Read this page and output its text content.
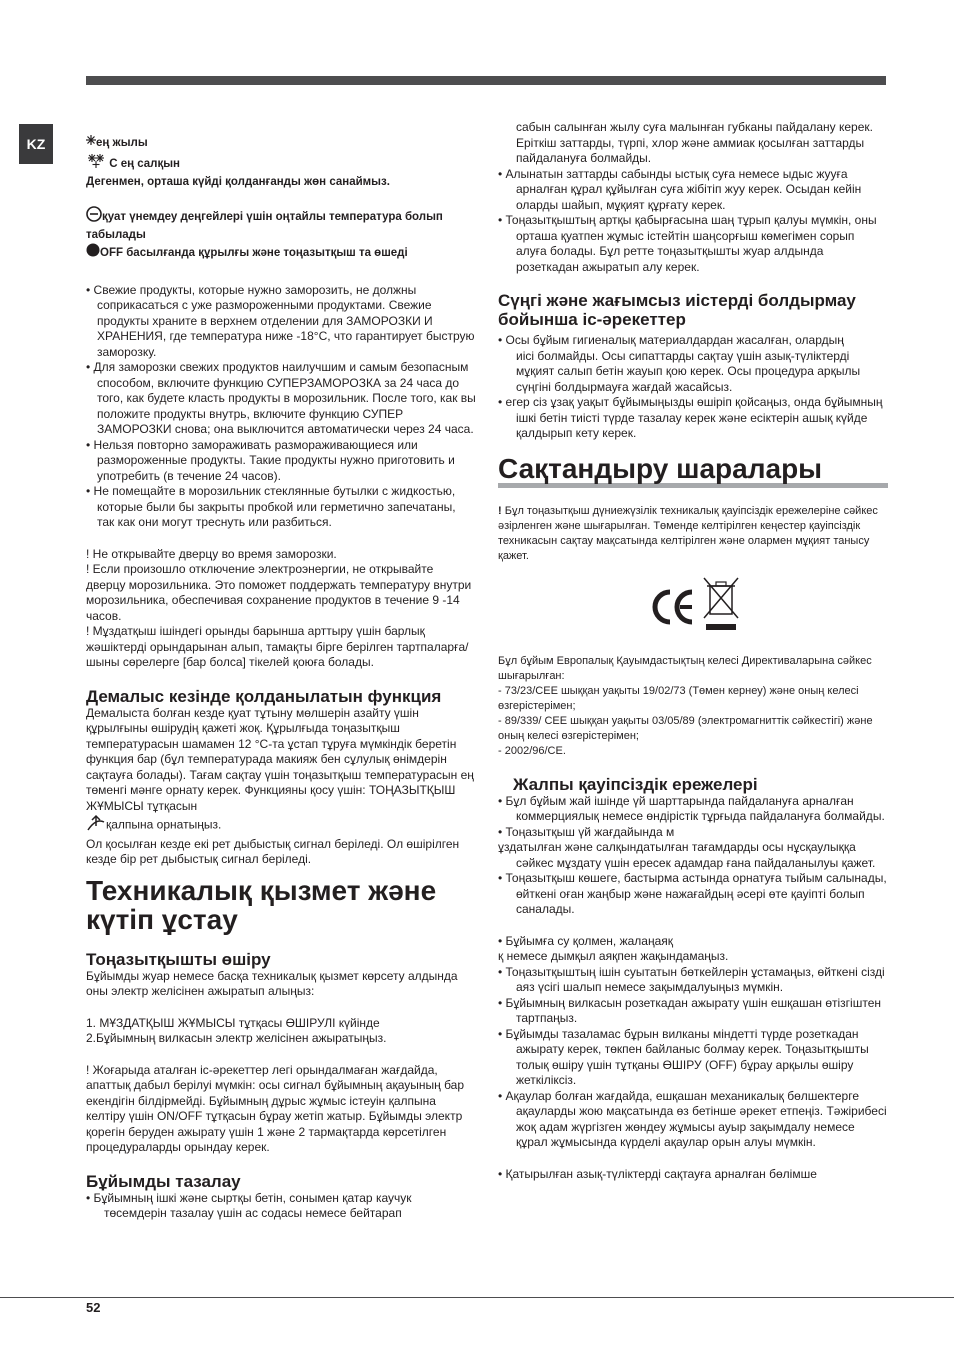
KZ	ең жылы

С ең салқын

Дегенмен, орташа күйді қолданғанды жөн санаймыз.

қуат үнемдеу деңгейлері үшін оңтайлы температура болып табылады

OFF басылғанда құрылғы және тоңазытқыш та өшеді

• Свежие продукты, которые нужно заморозить, не должны соприкасаться с уже размороженными продуктами. Свежие продукты храните в верхнем отделении для ЗАМОРОЗКИ И ХРАНЕНИЯ, где температура ниже -18°C, что гарантирует быструю заморозку.

• Для заморозки свежих продуктов наилучшим и самым безопасным способом, включите функцию СУПЕРЗАМОРОЗКА за 24 часа до того, как будете класть продукты в морозильник. После того, как вы положите продукты внутрь, включите функцию СУПЕР ЗАМОРОЗКИ снова; она выключится автоматически через 24 часа.

• Нельзя повторно замораживать размораживающиеся или размороженные продукты. Такие продукты нужно приготовить и употребить (в течение 24 часов).

• Не помещайте в морозильник стеклянные бутылки с жидкостью, которые были бы закрыты пробкой или герметично запечатаны, так как они могут треснуть или разбиться.

! Не открывайте дверцу во время заморозки.

! Если произошло отключение электроэнергии, не открывайте дверцу морозильника. Это поможет поддержать температуру внутри морозильника, обеспечивая сохранение продуктов в течение 9 -14 часов.

! Мұздатқыш ішіндегі орынды барынша арттыру үшін барлық жәшіктерді орындарынан алып, тамақты бірге берілген тартпаларға/шыны сөрелерге [бар болса] тікелей қоюға болады.

Демалыс кезінде қолданылатын функция

Демалыста болған кезде қуат тұтыну мөлшерін азайту үшін құрылғыны өшірудің қажеті жоқ. Құрылғыда тоңазытқыш температурасын шамамен 12 °С-та ұстап тұруға мүмкіндік беретін функция бар (бұл температурада макияж бен сұлулық өнімдерін сақтауға болады). Тағам сақтау үшін тоңазытқыш температурасын ең төменгі мәнге орнату керек. Функцияны қосу үшін: ТОҢАЗЫТҚЫШ ЖҰМЫСЫ тұтқасын

қалпына орнатыңыз.

Ол қосылған кезде екі рет дыбыстық сигнал беріледі. Ол өшірілген кезде бір рет дыбыстық сигнал беріледі.

Техникалық қызмет және күтіп ұстау

Тоңазытқышты өшіру

Бұйымды жуар немесе басқа техникалық қызмет көрсету алдында оны электр желісінен ажыратып алыңыз:

1. МҰЗДАТҚЫШ ЖҰМЫСЫ тұтқасы ӨШІРУЛІ күйінде

2.Бұйымның вилкасын электр желісінен ажыратыңыз.

! Жоғарыда аталған іс-әрекеттер легі орындалмаған жағдайда, апаттық дабыл берілуі мүмкін: осы сигнал бұйымның ақауының бар екендігін білдірмейді. Бұйымның дұрыс жұмыс істеуін қалпына келтіру үшін ON/OFF тұтқасын бұрау жетіп жатыр. Бұйымды электр қорегін беруден ажырату үшін 1 және 2 тармақтарда көрсетілген процедураларды орындау керек.

Бұйымды тазалау

• Бұйымның ішкі және сыртқы бетін, сонымен қатар каучук төсемдерін тазалау үшін ас содасы немесе бейтарап

сабын салынған жылу суға малынған губканы пайдалану керек. Еріткіш заттарды, түрпі, хлор және аммиак қосылған заттарды пайдалануға болмайды.

• Алынатын заттарды сабынды ыстық суға немесе ыдыс жууға арналған құрал құйылған суға жібітіп жуу керек. Осыдан кейін оларды шайып, мұқият құрғату керек.

• Тоңазытқыштың артқы қабырғасына шаң тұрып қалуы мүмкін, оны орташа қуатпен жұмыс істейтін шаңсорғыш көмегімен сорып алуға болады. Бұл ретте тоңазытқышты жуар алдында розеткадан ажыратып алу керек.

Сүңгі және жағымсыз иістерді болдырмау бойынша іс-әрекеттер

• Осы бұйым гигиеналық материалдардан жасалған, олардың

иісі болмайды. Осы сипаттарды сақтау үшін азық-түліктерді

мұқият салып бетін жауып қою керек. Осы процедура арқылы сүңгіні болдырмауға жағдай жасайсыз.

• егер сіз ұзақ уақыт бұйымыңызды өшіріп қойсаңыз, онда бұйымның ішкі бетін тиісті түрде тазалау керек және есіктерін ашық күйде қалдырып кету керек.

Сақтандыру шаралары

! Бұл тоңазытқыш дүниежүзілік техникалық қауіпсіздік ережелеріне сәйкес әзірленген және шығарылған. Төменде келтірілген кеңестер қауіпсіздік техникасын сақтау мақсатында келтірілген және олармен мұқият танысу қажет.

Бұл бұйым Европалық Қауымдастықтың келесі Директиваларына сәйкес шығарылған:

- 73/23/CEE шыққан уақыты 19/02/73 (Төмен кернеу) және оның келесі өзгерістерімен;

- 89/339/ CEE шыққан уақыты 03/05/89 (электромагниттік сәйкестігі) және оның келесі өзгерістерімен;

- 2002/96/CE.

Жалпы қауіпсіздік ережелері

• Бұл бұйым жай ішінде үй шарттарында пайдалануға арналған коммерциялық немесе өндірістік тұрғыда пайдалануға болмайды.

• Тоңазытқыш үй жағдайында м

ұздатылған және салқындатылған тағамдарды осы нұсқаулыққа сәйкес мұздату үшін ересек адамдар ғана пайдаланылуы қажет.

• Тоңазытқыш көшеге, бастырма астында орнатуға тыйым салынады, өйткені оған жаңбыр және нажағайдың әсері өте қауіпті болып саналады.

• Бұйымға су қолмен, жалаңаяқ

қ немесе дымқыл аяқпен жақындамаңыз.

• Тоңазытқыштың ішін суытатын бөткейлерін ұстамаңыз, өйткені сізді аяз үсігі шалып немесе зақымдалуыңыз мүмкін.

• Бұйымның вилкасын розеткадан ажырату үшін ешқашан өтізгіштен тартпаңыз.

• Бұйымды тазаламас бұрын вилканы міндетті түрде розеткадан ажырату керек, төкпен байланыс болмау керек. Тоңазытқышты толық өшіру үшін тұтқаны ӨШІРУ (OFF) бұрау арқылы өшіру жеткіліксіз.

• Ақаулар болған жағдайда, ешқашан механикалық бөлшектерге ақауларды жою мақсатында өз бетінше әрекет етпеңіз. Тәжірибесі жоқ адам жүргізген жөндеу жұмысы ауыр зақымдалу немесе құрал жұмысында күрделі ақаулар орын алуы мүмкін.

• Қатырылған азық-түліктерді сақтауға арналған бөлімше

52
